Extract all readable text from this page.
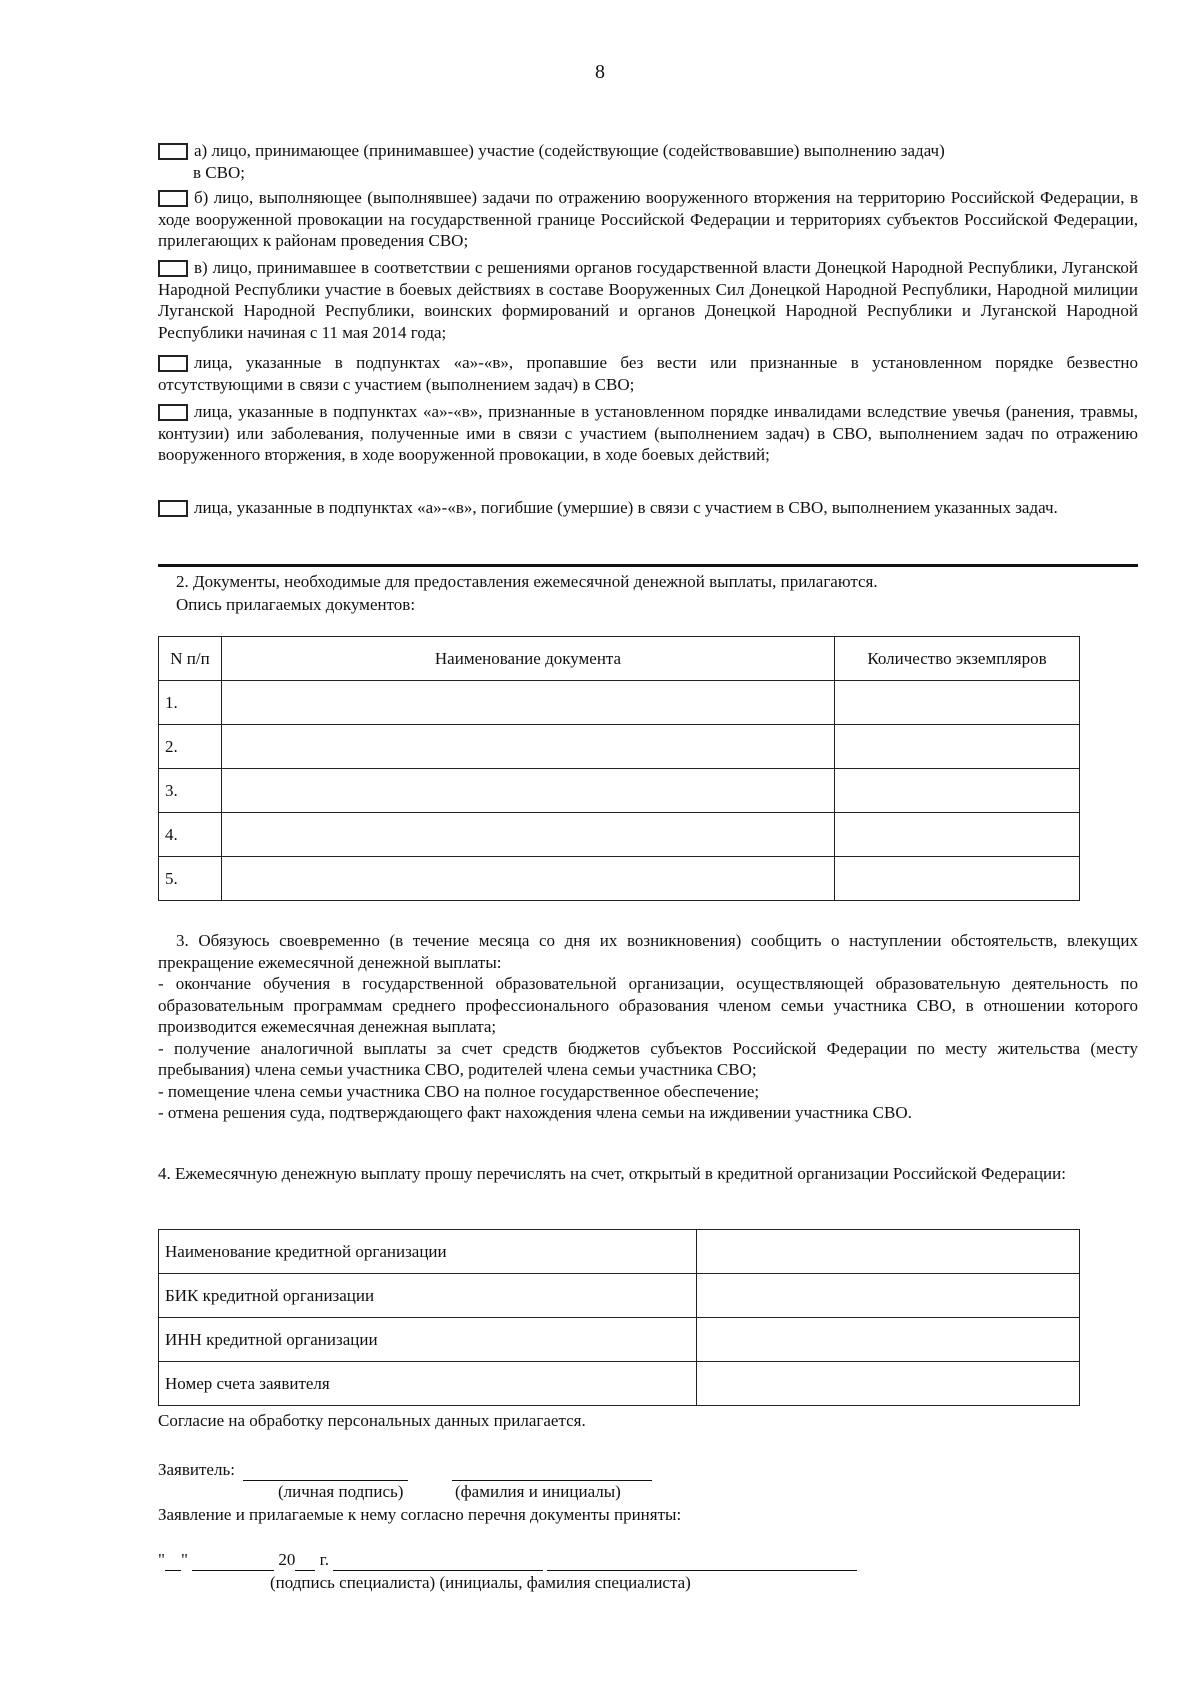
8
а) лицо, принимающее (принимавшее) участие (содействующие (содействовавшие) выполнению задач)
в СВО;
б) лицо, выполняющее (выполнявшее) задачи по отражению вооруженного вторжения на территорию Российской Федерации, в ходе вооруженной провокации на государственной границе Российской Федерации и территориях субъектов Российской Федерации, прилегающих к районам проведения СВО;
в) лицо, принимавшее в соответствии с решениями органов государственной власти Донецкой Народной Республики, Луганской Народной Республики участие в боевых действиях в составе Вооруженных Сил Донецкой Народной Республики, Народной милиции Луганской Народной Республики, воинских формирований и органов Донецкой Народной Республики и Луганской Народной Республики начиная с 11 мая 2014 года;
лица, указанные в подпунктах «а»-«в», пропавшие без вести или признанные в установленном порядке безвестно отсутствующими в связи с участием (выполнением задач) в СВО;
лица, указанные в подпунктах «а»-«в», признанные в установленном порядке инвалидами вследствие увечья (ранения, травмы, контузии) или заболевания, полученные ими в связи с участием (выполнением задач) в СВО, выполнением задач по отражению вооруженного вторжения, в ходе вооруженной провокации, в ходе боевых действий;
лица, указанные в подпунктах «а»-«в», погибшие (умершие) в связи с участием в СВО, выполнением указанных задач.
2. Документы, необходимые для предоставления ежемесячной денежной выплаты, прилагаются.
Опись прилагаемых документов:
N п/п	Наименование документа	Количество экземпляров
1.		
2.		
3.		
4.		
5.		
3. Обязуюсь своевременно (в течение месяца со дня их возникновения) сообщить о наступлении обстоятельств, влекущих прекращение ежемесячной денежной выплаты:
- окончание обучения в государственной образовательной организации, осуществляющей образовательную деятельность по образовательным программам среднего профессионального образования членом семьи участника СВО, в отношении которого производится ежемесячная денежная выплата;
- получение аналогичной выплаты за счет средств бюджетов субъектов Российской Федерации по месту жительства (месту пребывания) члена семьи участника СВО, родителей члена семьи участника СВО;
- помещение члена семьи участника СВО на полное государственное обеспечение;
- отмена решения суда, подтверждающего факт нахождения члена семьи на иждивении участника СВО.
4. Ежемесячную денежную выплату прошу перечислять на счет, открытый в кредитной организации Российской Федерации:
Наименование кредитной организации	
БИК кредитной организации	
ИНН кредитной организации	
Номер счета заявителя	
Согласие на обработку персональных данных прилагается.
Заявитель:
(личная подпись)	(фамилия и инициалы)
Заявление и прилагаемые к нему согласно перечня документы приняты:
" "	20 г.
(подпись специалиста) (инициалы, фамилия специалиста)
